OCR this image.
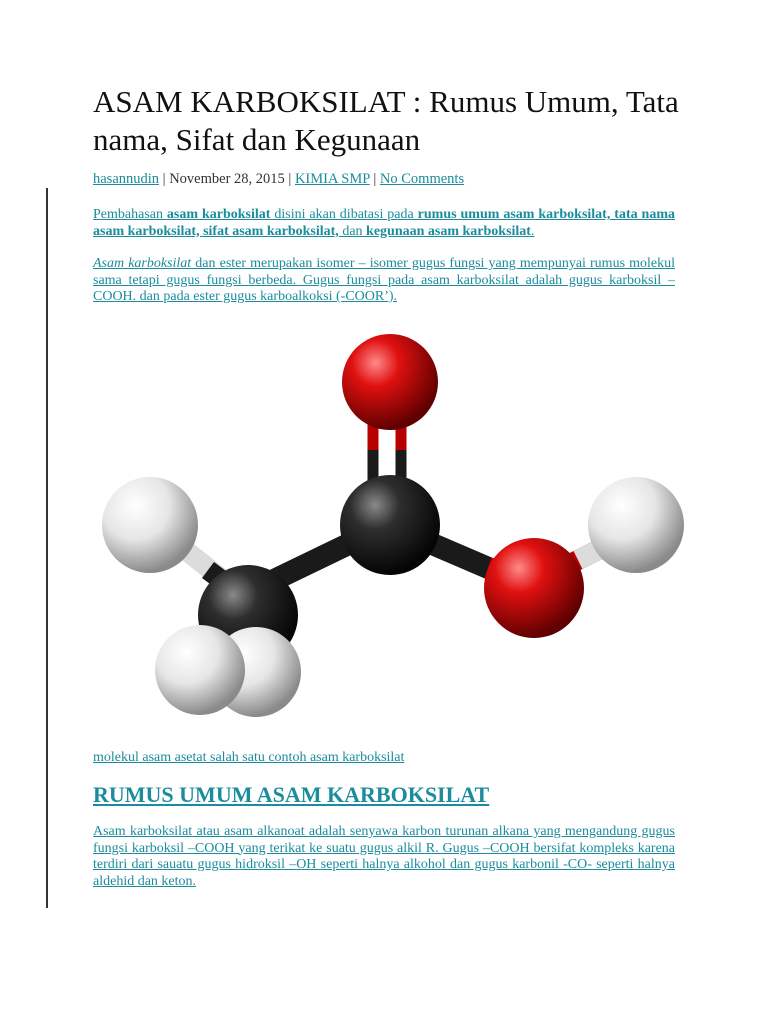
ASAM KARBOKSILAT : Rumus Umum, Tata nama, Sifat dan Kegunaan
hasannudin | November 28, 2015 | KIMIA SMP | No Comments

Pembahasan asam karboksilat disini akan dibatasi pada rumus umum asam karboksilat, tata nama asam karboksilat, sifat asam karboksilat, dan kegunaan asam karboksilat.

Asam karboksilat dan ester merupakan isomer – isomer gugus fungsi yang mempunyai rumus molekul sama tetapi gugus fungsi berbeda. Gugus fungsi pada asam karboksilat adalah gugus karboksil –COOH. dan pada ester gugus karboalkoksi (-COOR’).

molekul asam asetat salah satu contoh asam karboksilat
RUMUS UMUM ASAM KARBOKSILAT

Asam karboksilat atau asam alkanoat adalah senyawa karbon turunan alkana yang mengandung gugus fungsi karboksil –COOH yang terikat ke suatu gugus alkil R. Gugus –COOH bersifat kompleks karena terdiri dari sauatu gugus hidroksil –OH seperti halnya alkohol dan gugus karbonil -CO- seperti halnya aldehid dan keton.
